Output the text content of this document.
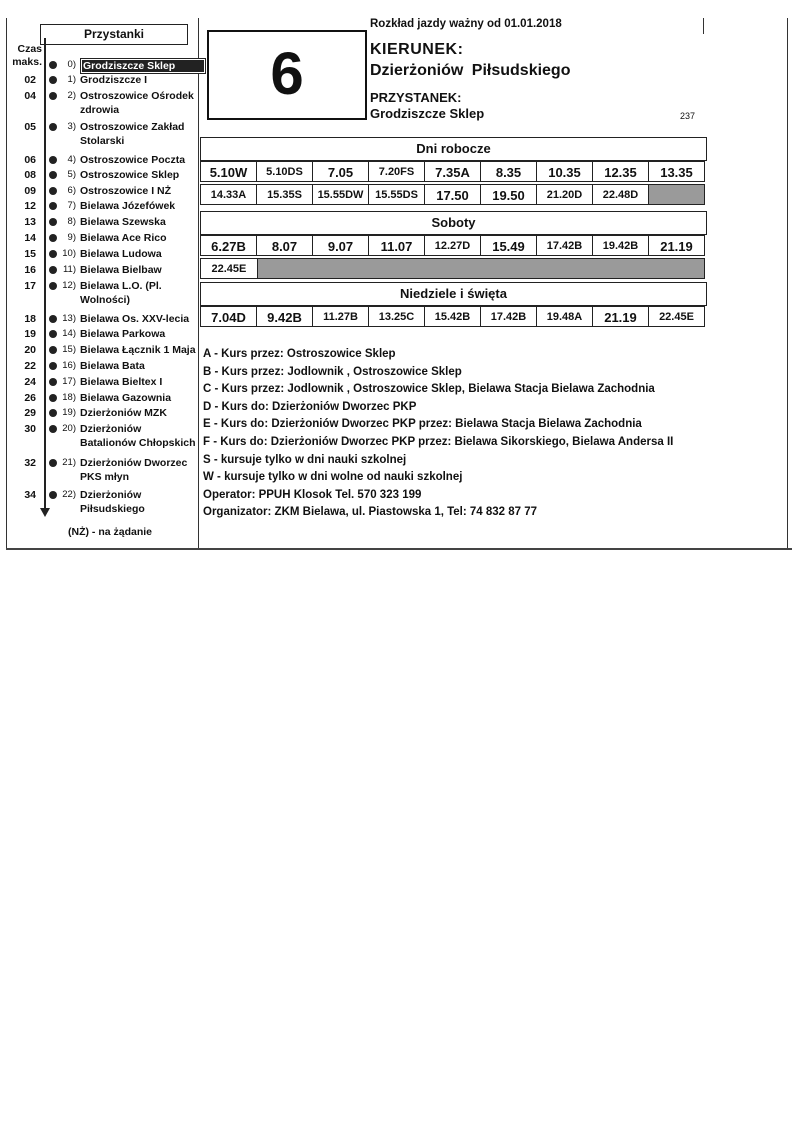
Przystanki
Czas
maks.	0) Grodziszcze Sklep
02	1) Grodziszcze I
04	2) Ostroszowice Ośrodek zdrowia
05	3) Ostroszowice Zakład Stolarski
06	4) Ostroszowice Poczta
08	5) Ostroszowice Sklep
09	6) Ostroszowice I NŻ
12	7) Bielawa Józefówek
13	8) Bielawa Szewska
14	9) Bielawa Ace Rico
15	10) Bielawa Ludowa
16	11) Bielawa Bielbaw
17	12) Bielawa L.O. (Pl. Wolności)
18	13) Bielawa Os. XXV-lecia
19	14) Bielawa Parkowa
20	15) Bielawa Łącznik 1 Maja
22	16) Bielawa Bata
24	17) Bielawa Bieltex I
26	18) Bielawa Gazownia
29	19) Dzierżoniów MZK
30	20) Dzierżoniów Batalionów Chłopskich
32	21) Dzierżoniów Dworzec PKS młyn
34	22) Dzierżoniów Piłsudskiego
(NŻ) - na żądanie
6
Rozkład jazdy ważny od 01.01.2018
KIERUNEK:
Dzierżoniów Piłsudskiego
PRZYSTANEK:
Grodziszcze Sklep	237
Dni robocze
5.10W	5.10DS	7.05	7.20FS	7.35A	8.35	10.35	12.35	13.35
14.33A	15.35S	15.55DW	15.55DS	17.50	19.50	21.20D	22.48D
Soboty
6.27B	8.07	9.07	11.07	12.27D	15.49	17.42B	19.42B	21.19
22.45E
Niedziele i święta
7.04D	9.42B	11.27B	13.25C	15.42B	17.42B	19.48A	21.19	22.45E
A - Kurs przez: Ostroszowice Sklep
B - Kurs przez: Jodlownik , Ostroszowice Sklep
C - Kurs przez: Jodlownik , Ostroszowice Sklep, Bielawa Stacja Bielawa Zachodnia
D - Kurs do: Dzierżoniów Dworzec PKP
E - Kurs do: Dzierżoniów Dworzec PKP przez: Bielawa Stacja Bielawa Zachodnia
F - Kurs do: Dzierżoniów Dworzec PKP przez: Bielawa Sikorskiego, Bielawa Andersa II
S - kursuje tylko w dni nauki szkolnej
W - kursuje tylko w dni wolne od nauki szkolnej
Operator: PPUH Klosok Tel. 570 323 199
Organizator: ZKM Bielawa, ul. Piastowska 1, Tel: 74 832 87 77
